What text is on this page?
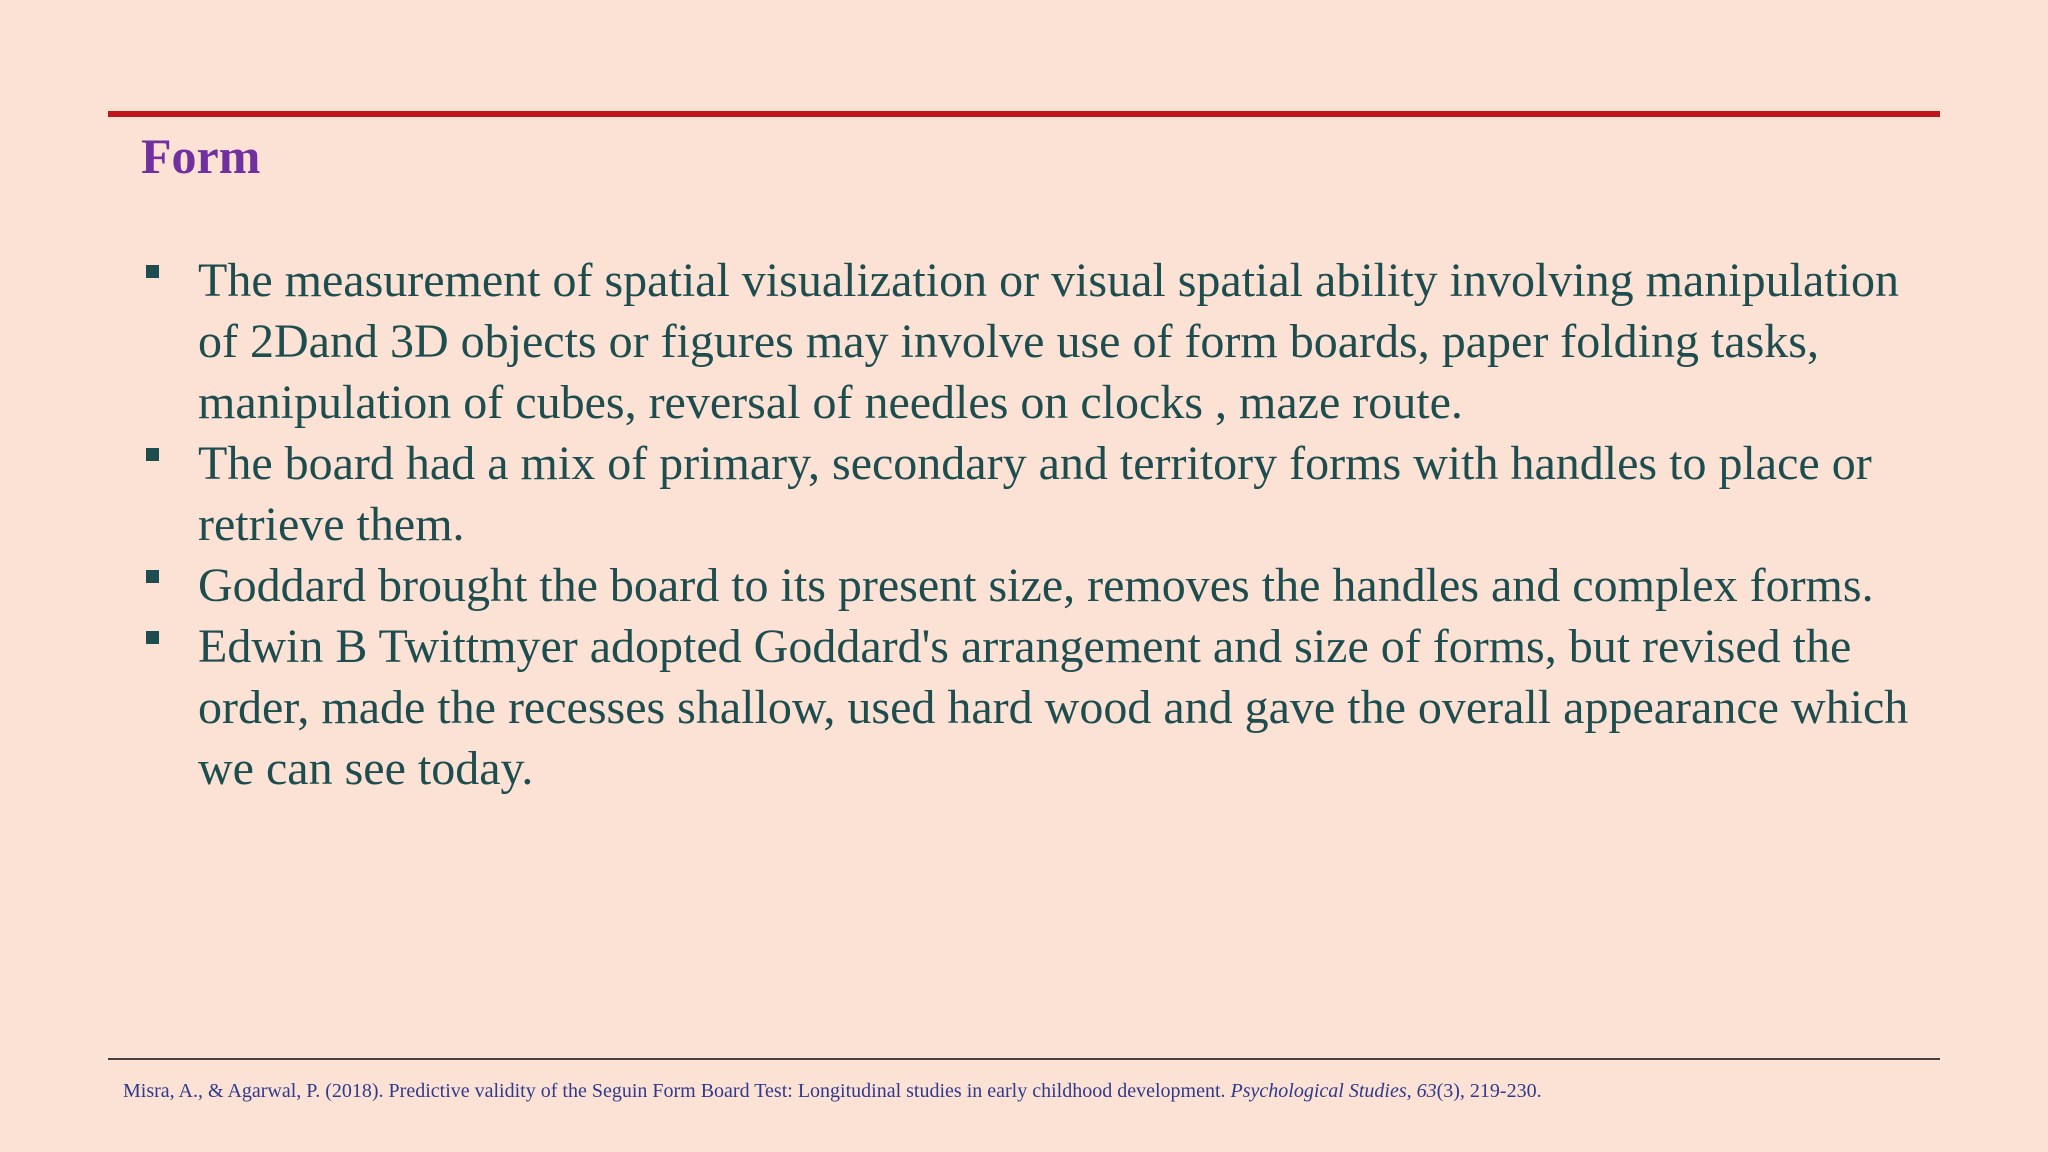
Form
The measurement of spatial visualization or visual spatial ability involving manipulation of 2Dand 3D objects or figures may involve use of form boards, paper folding tasks, manipulation of cubes, reversal of needles on clocks , maze route.
The board had a mix of primary, secondary and territory forms with handles to place or retrieve them.
Goddard brought the board to its present size, removes the handles and complex forms.
Edwin B Twittmyer adopted Goddard's arrangement and size of forms, but revised the order, made the recesses shallow, used hard wood and gave the overall appearance which we can see today.

Misra, A., & Agarwal, P. (2018). Predictive validity of the Seguin Form Board Test: Longitudinal studies in early childhood development. Psychological Studies, 63(3), 219-230.
